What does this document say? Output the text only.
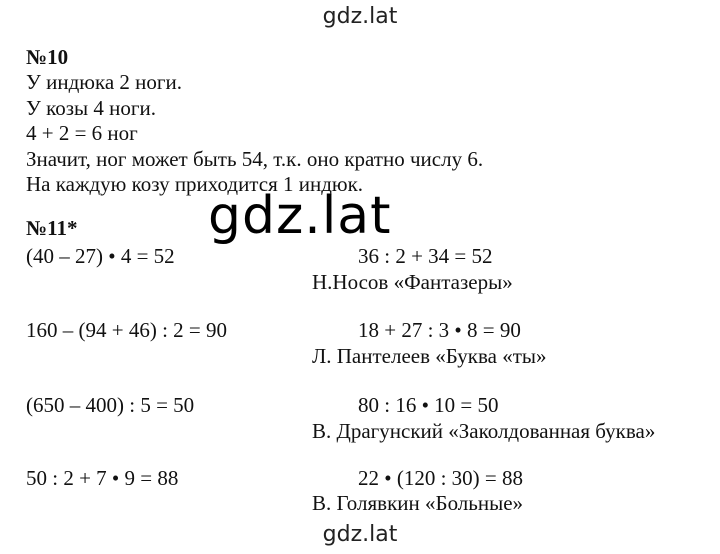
gdz.lat
№10
У индюка 2 ноги.
У козы 4 ноги.
4 + 2 = 6 ног
Значит, ног может быть 54, т.к. оно кратно числу 6.
На каждую козу приходится 1 индюк.
№11*
(40 – 27) • 4 = 52	36 : 2 + 34 = 52
Н.Носов «Фантазеры»
160 – (94 + 46) : 2 = 90	18 + 27 : 3 • 8 = 90
Л. Пантелеев «Буква «ты»
(650 – 400) : 5 = 50	80 : 16 • 10 = 50
В. Драгунский «Заколдованная буква»
50 : 2 + 7 • 9 = 88	22 • (120 : 30) = 88
В. Голявкин «Больные»
gdz.lat
gdz.lat
